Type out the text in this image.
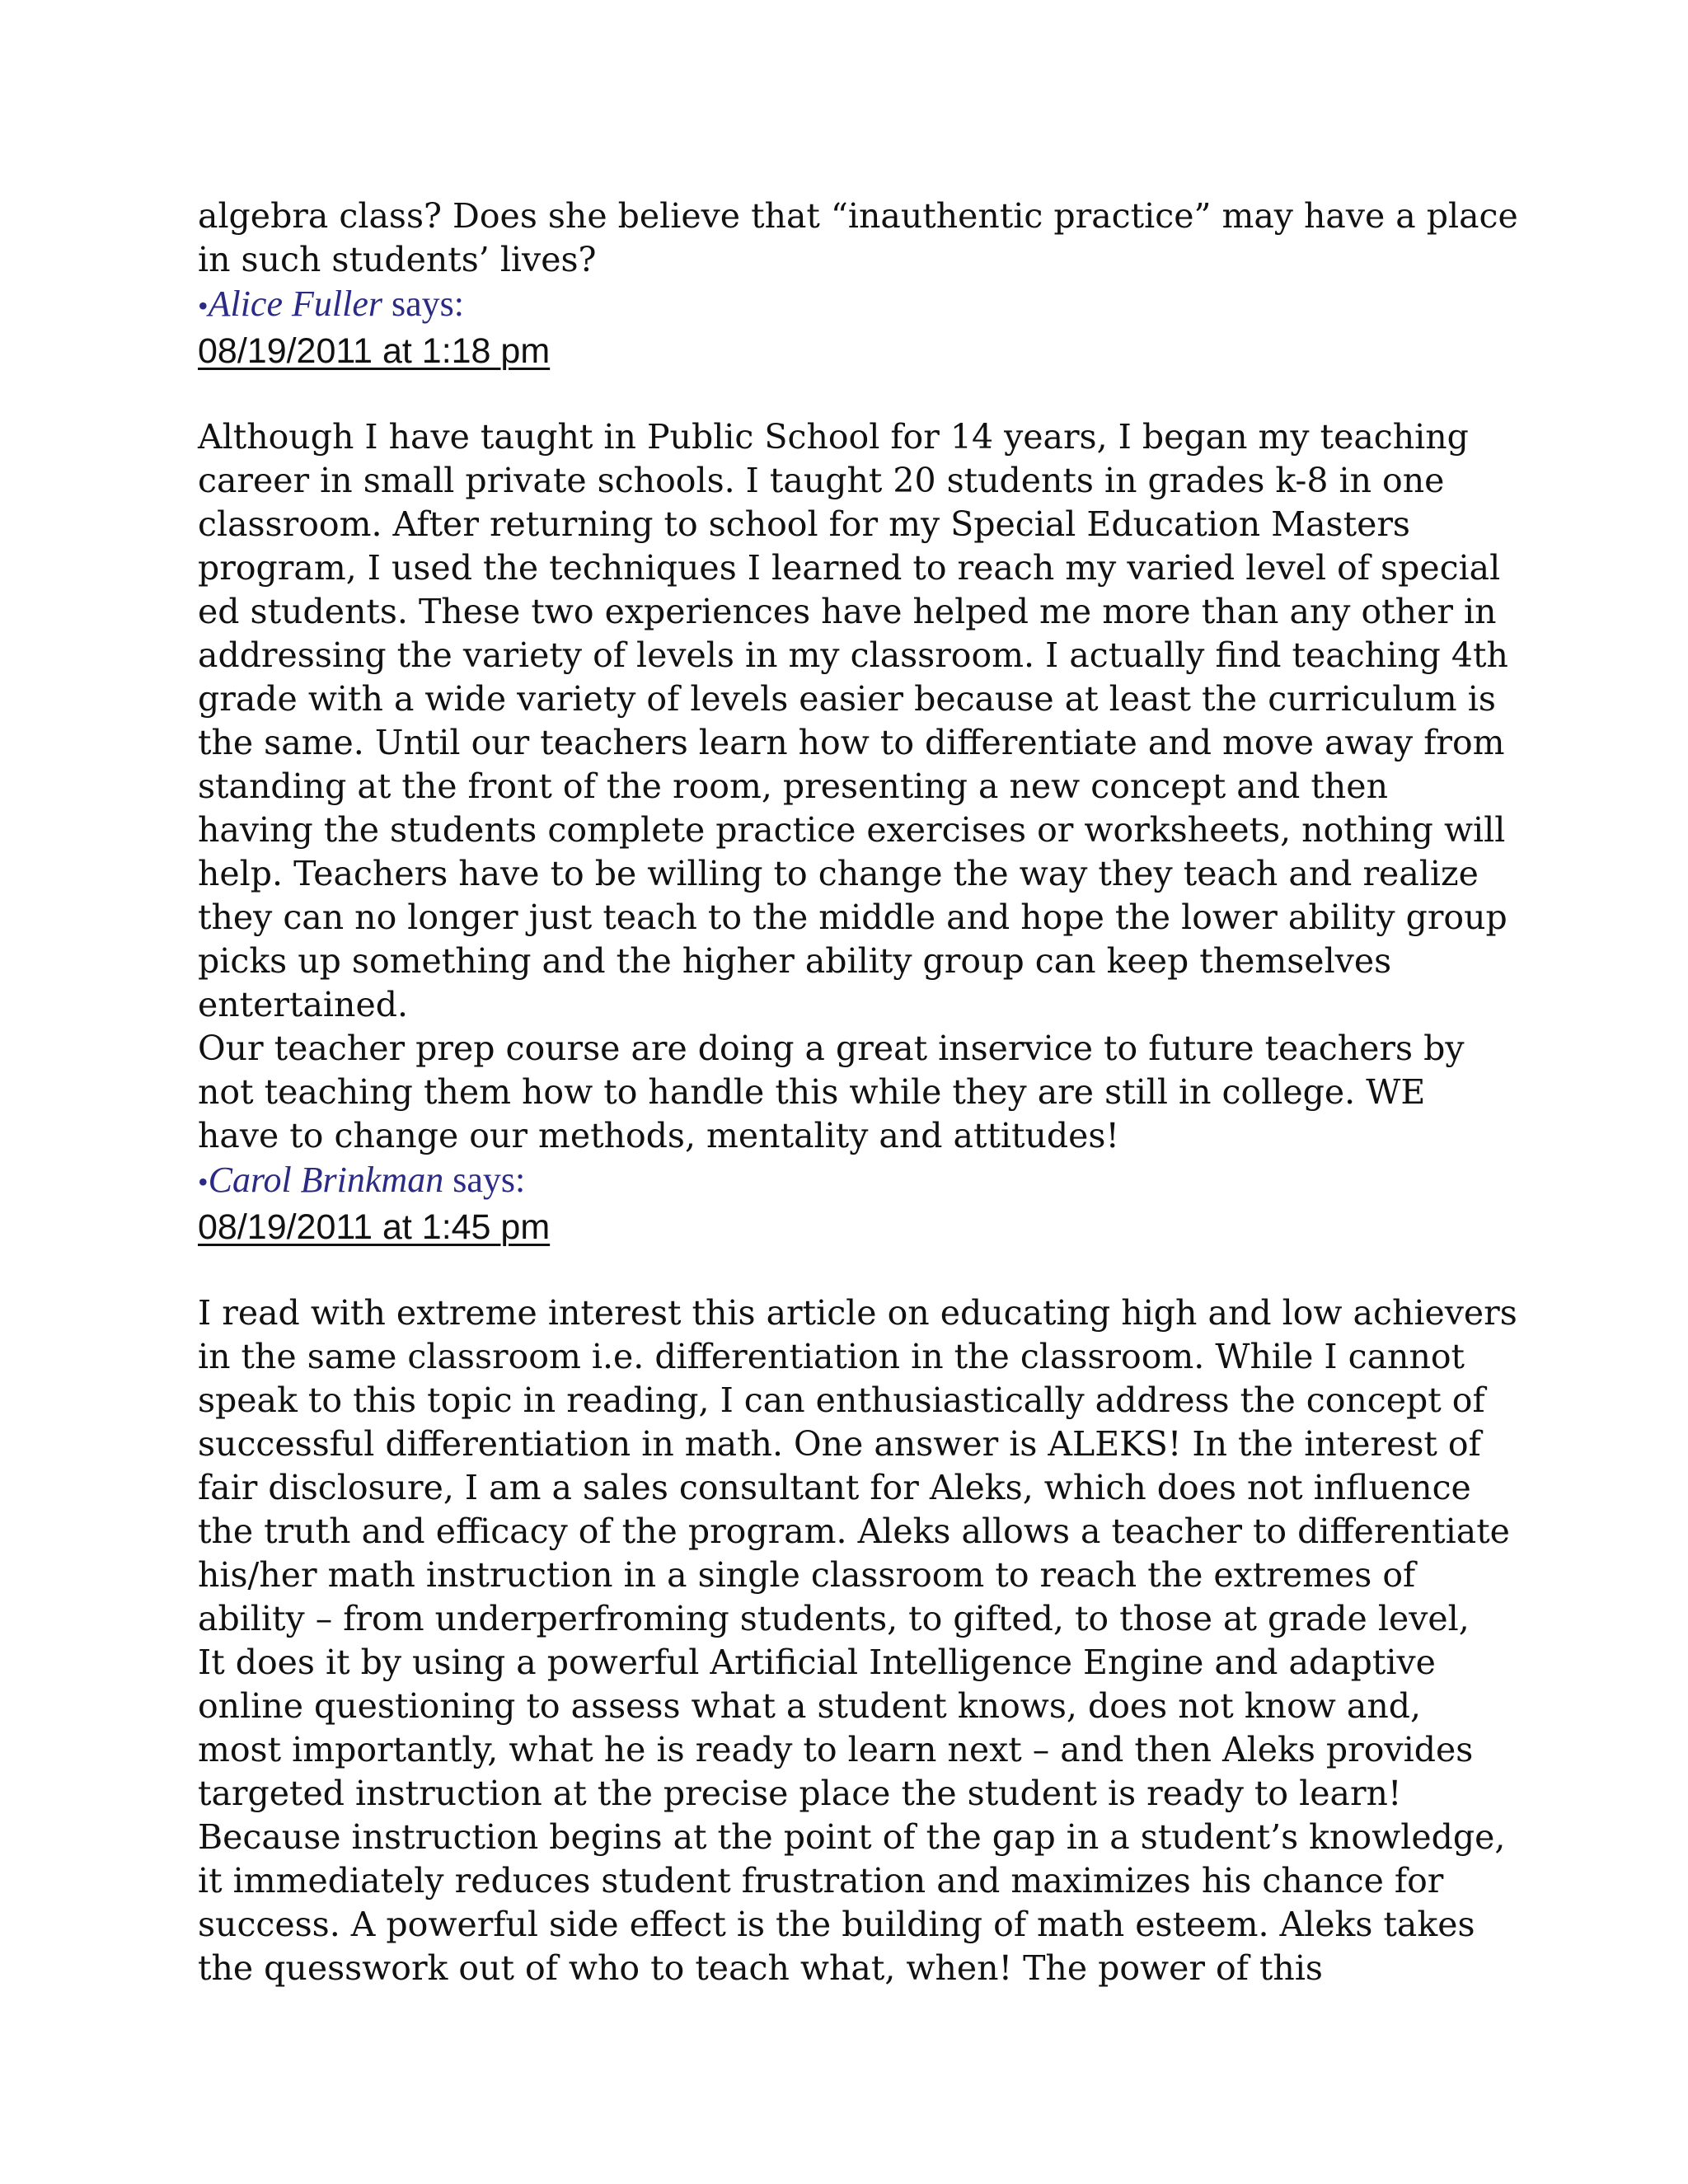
algebra class? Does she believe that “inauthentic practice” may have a place
in such students’ lives?

•Alice Fuller says:

08/19/2011 at 1:18 pm

Although I have taught in Public School for 14 years, I began my teaching
career in small private schools. I taught 20 students in grades k-8 in one
classroom. After returning to school for my Special Education Masters
program, I used the techniques I learned to reach my varied level of special
ed students. These two experiences have helped me more than any other in
addressing the variety of levels in my classroom. I actually find teaching 4th
grade with a wide variety of levels easier because at least the curriculum is
the same. Until our teachers learn how to differentiate and move away from
standing at the front of the room, presenting a new concept and then
having the students complete practice exercises or worksheets, nothing will
help. Teachers have to be willing to change the way they teach and realize
they can no longer just teach to the middle and hope the lower ability group
picks up something and the higher ability group can keep themselves
entertained.

Our teacher prep course are doing a great inservice to future teachers by
not teaching them how to handle this while they are still in college. WE
have to change our methods, mentality and attitudes!

•Carol Brinkman says:

08/19/2011 at 1:45 pm

I read with extreme interest this article on educating high and low achievers
in the same classroom i.e. differentiation in the classroom. While I cannot
speak to this topic in reading, I can enthusiastically address the concept of
successful differentiation in math. One answer is ALEKS! In the interest of
fair disclosure, I am a sales consultant for Aleks, which does not influence
the truth and efficacy of the program. Aleks allows a teacher to differentiate
his/her math instruction in a single classroom to reach the extremes of
ability – from underperfroming students, to gifted, to those at grade level,
It does it by using a powerful Artificial Intelligence Engine and adaptive
online questioning to assess what a student knows, does not know and,
most importantly, what he is ready to learn next – and then Aleks provides
targeted instruction at the precise place the student is ready to learn!
Because instruction begins at the point of the gap in a student’s knowledge,
it immediately reduces student frustration and maximizes his chance for
success. A powerful side effect is the building of math esteem. Aleks takes
the quesswork out of who to teach what, when! The power of this
